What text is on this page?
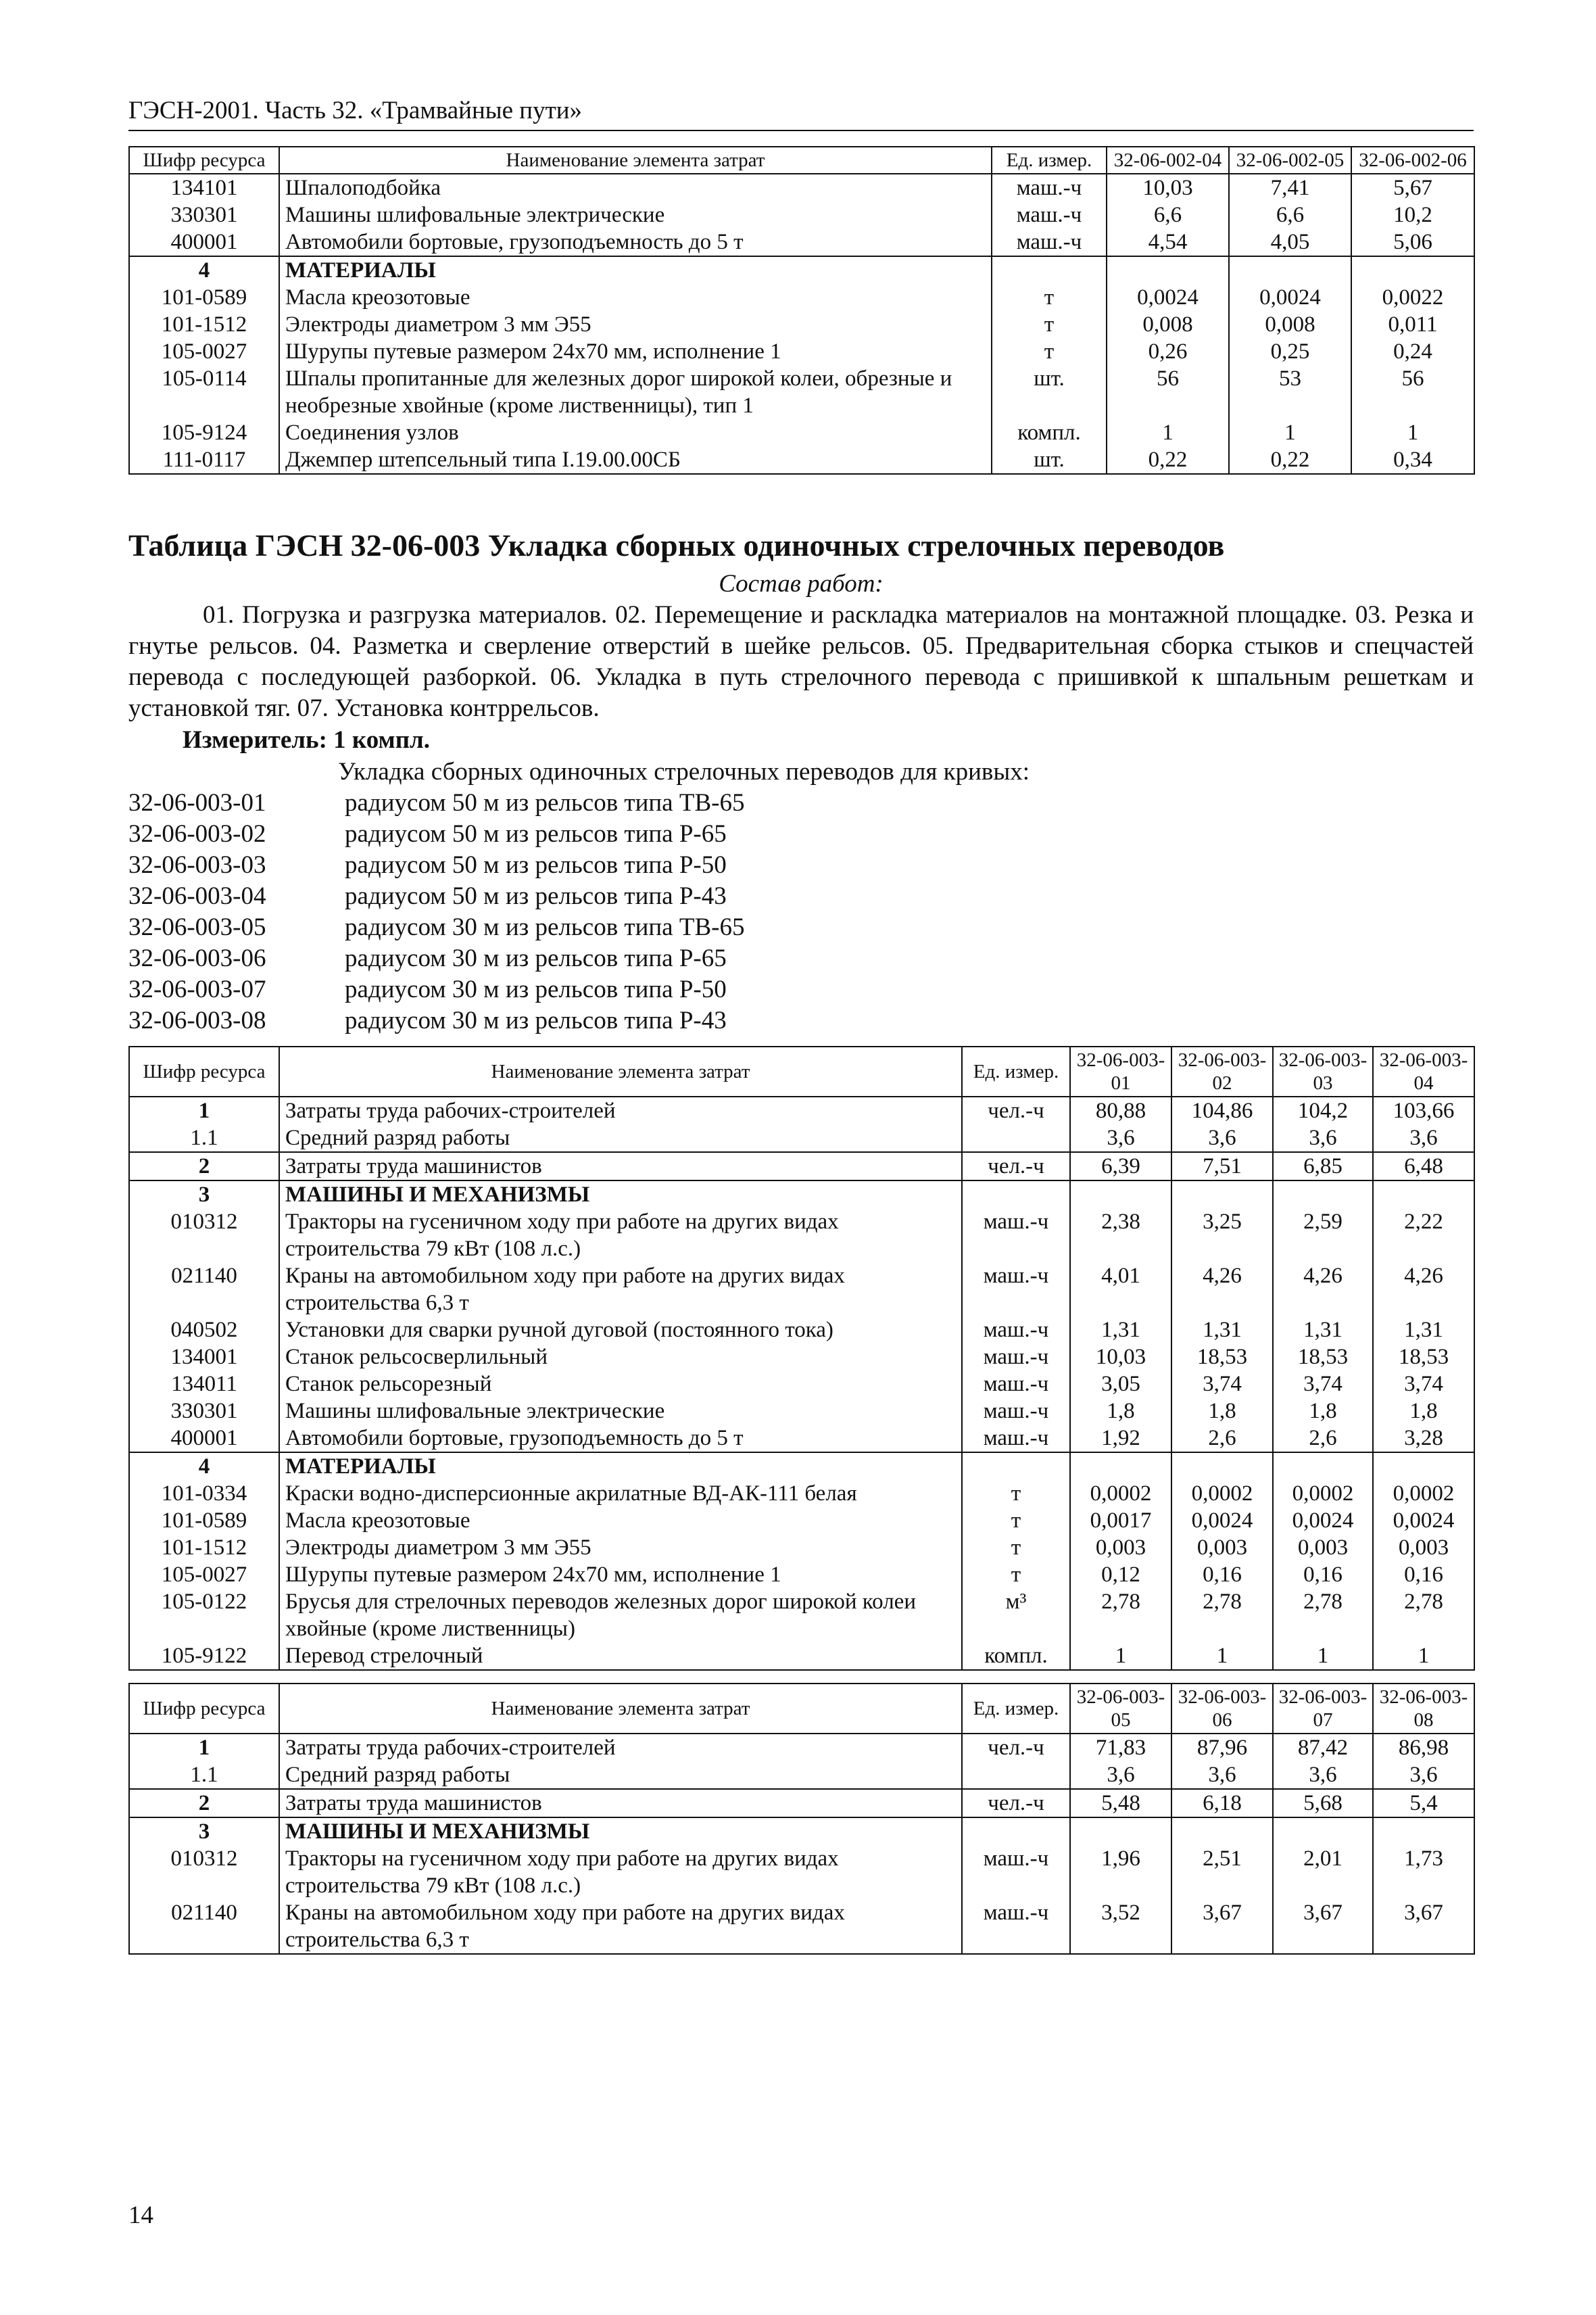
ГЭСН-2001. Часть 32. «Трамвайные пути»
Шифр ресурса	Наименование элемента затрат	Ед. измер.	32-06-002-04	32-06-002-05	32-06-002-06
134101	Шпалоподбойка	маш.-ч	10,03	7,41	5,67
330301	Машины шлифовальные электрические	маш.-ч	6,6	6,6	10,2
400001	Автомобили бортовые, грузоподъемность до 5 т	маш.-ч	4,54	4,05	5,06
4	МАТЕРИАЛЫ				
101-0589	Масла креозотовые	т	0,0024	0,0024	0,0022
101-1512	Электроды диаметром 3 мм Э55	т	0,008	0,008	0,011
105-0027	Шурупы путевые размером 24х70 мм, исполнение 1	т	0,26	0,25	0,24
105-0114	Шпалы пропитанные для железных дорог широкой колеи, обрезные и необрезные хвойные (кроме лиственницы), тип 1	шт.	56	53	56
105-9124	Соединения узлов	компл.	1	1	1
111-0117	Джемпер штепсельный типа I.19.00.00СБ	шт.	0,22	0,22	0,34
Таблица ГЭСН 32-06-003 Укладка сборных одиночных стрелочных переводов
Состав работ:
01. Погрузка и разгрузка материалов. 02. Перемещение и раскладка материалов на монтажной площадке. 03. Резка и гнутье рельсов. 04. Разметка и сверление отверстий в шейке рельсов. 05. Предварительная сборка стыков и спецчастей перевода с последующей разборкой. 06. Укладка в путь стрелочного перевода с пришивкой к шпальным решеткам и установкой тяг. 07. Установка контррельсов.
Измеритель: 1 компл.
Укладка сборных одиночных стрелочных переводов для кривых:
32-06-003-01	радиусом 50 м из рельсов типа ТВ-65
32-06-003-02	радиусом 50 м из рельсов типа Р-65
32-06-003-03	радиусом 50 м из рельсов типа Р-50
32-06-003-04	радиусом 50 м из рельсов типа Р-43
32-06-003-05	радиусом 30 м из рельсов типа ТВ-65
32-06-003-06	радиусом 30 м из рельсов типа Р-65
32-06-003-07	радиусом 30 м из рельсов типа Р-50
32-06-003-08	радиусом 30 м из рельсов типа Р-43
Шифр ресурса	Наименование элемента затрат	Ед. измер.	32-06-003-01	32-06-003-02	32-06-003-03	32-06-003-04
1	Затраты труда рабочих-строителей	чел.-ч	80,88	104,86	104,2	103,66
1.1	Средний разряд работы		3,6	3,6	3,6	3,6
2	Затраты труда машинистов	чел.-ч	6,39	7,51	6,85	6,48
3	МАШИНЫ И МЕХАНИЗМЫ					
010312	Тракторы на гусеничном ходу при работе на других видах строительства 79 кВт (108 л.с.)	маш.-ч	2,38	3,25	2,59	2,22
021140	Краны на автомобильном ходу при работе на других видах строительства 6,3 т	маш.-ч	4,01	4,26	4,26	4,26
040502	Установки для сварки ручной дуговой (постоянного тока)	маш.-ч	1,31	1,31	1,31	1,31
134001	Станок рельсосверлильный	маш.-ч	10,03	18,53	18,53	18,53
134011	Станок рельсорезный	маш.-ч	3,05	3,74	3,74	3,74
330301	Машины шлифовальные электрические	маш.-ч	1,8	1,8	1,8	1,8
400001	Автомобили бортовые, грузоподъемность до 5 т	маш.-ч	1,92	2,6	2,6	3,28
4	МАТЕРИАЛЫ					
101-0334	Краски водно-дисперсионные акрилатные ВД-АК-111 белая	т	0,0002	0,0002	0,0002	0,0002
101-0589	Масла креозотовые	т	0,0017	0,0024	0,0024	0,0024
101-1512	Электроды диаметром 3 мм Э55	т	0,003	0,003	0,003	0,003
105-0027	Шурупы путевые размером 24х70 мм, исполнение 1	т	0,12	0,16	0,16	0,16
105-0122	Брусья для стрелочных переводов железных дорог широкой колеи хвойные (кроме лиственницы)	м³	2,78	2,78	2,78	2,78
105-9122	Перевод стрелочный	компл.	1	1	1	1
Шифр ресурса	Наименование элемента затрат	Ед. измер.	32-06-003-05	32-06-003-06	32-06-003-07	32-06-003-08
1	Затраты труда рабочих-строителей	чел.-ч	71,83	87,96	87,42	86,98
1.1	Средний разряд работы		3,6	3,6	3,6	3,6
2	Затраты труда машинистов	чел.-ч	5,48	6,18	5,68	5,4
3	МАШИНЫ И МЕХАНИЗМЫ					
010312	Тракторы на гусеничном ходу при работе на других видах строительства 79 кВт (108 л.с.)	маш.-ч	1,96	2,51	2,01	1,73
021140	Краны на автомобильном ходу при работе на других видах строительства 6,3 т	маш.-ч	3,52	3,67	3,67	3,67
14
